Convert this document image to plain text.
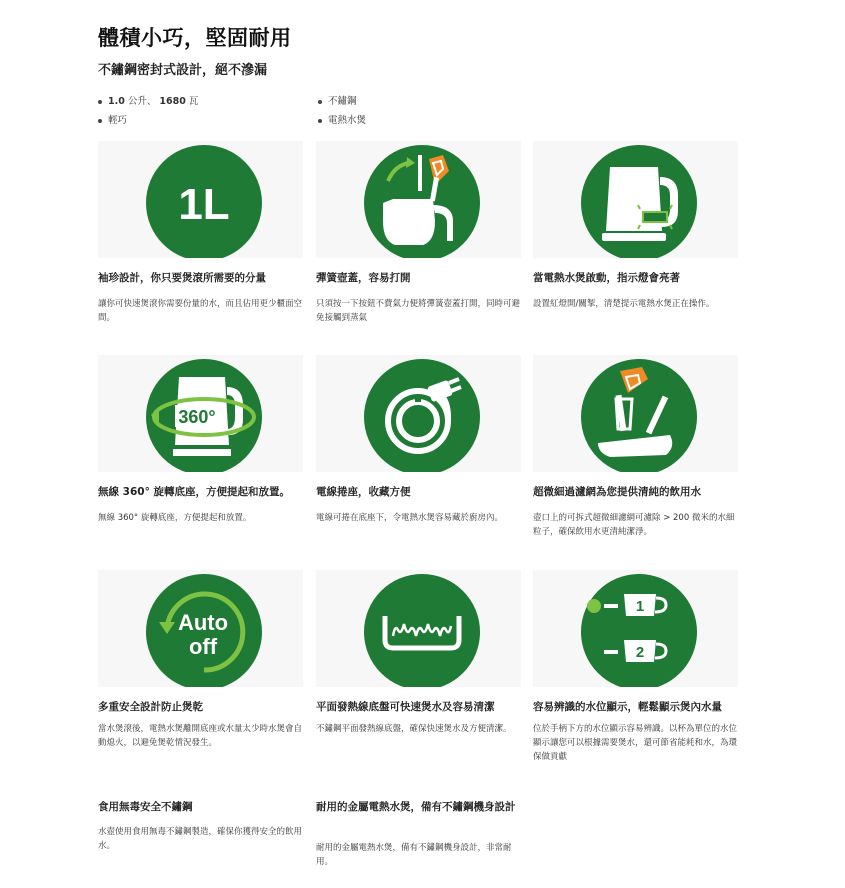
體積小巧，堅固耐用
不鏽鋼密封式設計，絕不滲漏
1.0 公升、 1680 瓦
輕巧
不鏽鋼
電熱水煲
1L
袖珍設計，你只要煲滾所需要的分量
讓你可快速煲滾你需要份量的水，而且佔用更少櫃面空間。
彈簧壺蓋，容易打開
只須按一下按鈕不費氣力便將彈簧壺蓋打開，同時可避免接觸到蒸氣
當電熱水煲啟動，指示燈會亮著
設置紅燈開/關掣，清楚提示電熱水煲正在操作。
360°
無線 360° 旋轉底座，方便提起和放置。
無線 360° 旋轉底座，方便提起和放置。
電線捲座，收藏方便
電線可捲在底座下，令電熱水煲容易藏於廚房內。
超微細過濾網為您提供清純的飲用水
壺口上的可拆式超微細濾網可濾除 > 200 微米的水細粒子，確保飲用水更清純潔淨。
Auto
off
多重安全設計防止煲乾
當水煲滾後，電熱水煲離開底座或水量太少時水煲會自動熄火，以避免煲乾情況發生。
平面發熱線底盤可快速煲水及容易清潔
不鏽鋼平面發熱線底盤，確保快速煲水及方便清潔。
1
2
容易辨識的水位顯示，輕鬆顯示煲內水量
位於手柄下方的水位顯示容易辨識。以杯為單位的水位顯示讓您可以根據需要煲水，還可節省能耗和水，為環保做貢獻
食用無毒安全不鏽鋼
水壺使用食用無毒不鏽鋼製造，確保你獲得安全的飲用水。
耐用的金屬電熱水煲，備有不鏽鋼機身設計
耐用的金屬電熱水煲，備有不鏽鋼機身設計，非常耐用。
